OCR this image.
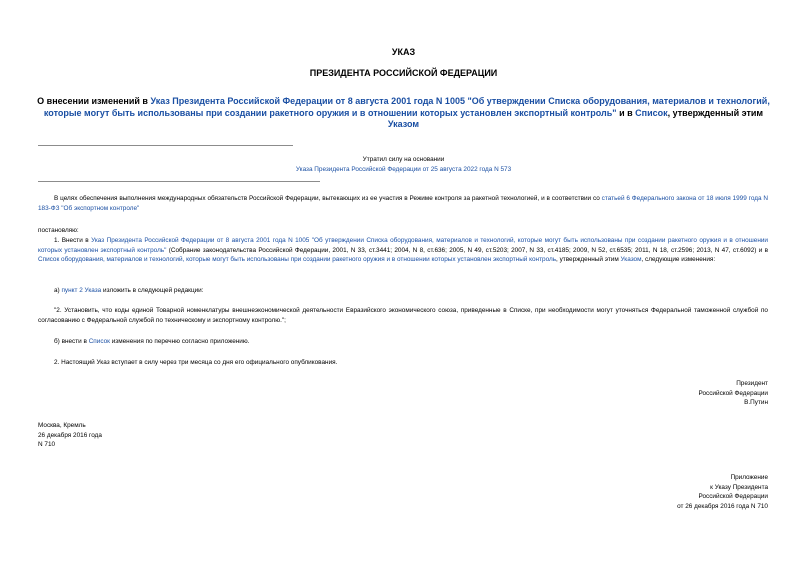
УКАЗ
ПРЕЗИДЕНТА РОССИЙСКОЙ ФЕДЕРАЦИИ
О внесении изменений в Указ Президента Российской Федерации от 8 августа 2001 года N 1005 "Об утверждении Списка оборудования, материалов и технологий, которые могут быть использованы при создании ракетного оружия и в отношении которых установлен экспортный контроль" и в Список, утвержденный этим Указом
Утратил силу на основании
Указа Президента Российской Федерации от 25 августа 2022 года N 573
В целях обеспечения выполнения международных обязательств Российской Федерации, вытекающих из ее участия в Режиме контроля за ракетной технологией, и в соответствии со статьей 6 Федерального закона от 18 июля 1999 года N 183-ФЗ "Об экспортном контроле"
постановляю:
1. Внести в Указ Президента Российской Федерации от 8 августа 2001 года N 1005 "Об утверждении Списка оборудования, материалов и технологий, которые могут быть использованы при создании ракетного оружия и в отношении которых установлен экспортный контроль" (Собрание законодательства Российской Федерации, 2001, N 33, ст.3441; 2004, N 8, ст.636; 2005, N 49, ст.5203; 2007, N 33, ст.4185; 2009, N 52, ст.6535; 2011, N 18, ст.2596; 2013, N 47, ст.6092) и в Список оборудования, материалов и технологий, которые могут быть использованы при создании ракетного оружия и в отношении которых установлен экспортный контроль, утвержденный этим Указом, следующие изменения:
а) пункт 2 Указа изложить в следующей редакции:
"2. Установить, что коды единой Товарной номенклатуры внешнеэкономической деятельности Евразийского экономического союза, приведенные в Списке, при необходимости могут уточняться Федеральной таможенной службой по согласованию с Федеральной службой по техническому и экспортному контролю.";
б) внести в Список изменения по перечню согласно приложению.
2. Настоящий Указ вступает в силу через три месяца со дня его официального опубликования.
Президент
Российской Федерации
В.Путин
Москва, Кремль
26 декабря 2016 года
N 710
Приложение
к Указу Президента
Российской Федерации
от 26 декабря 2016 года N 710
